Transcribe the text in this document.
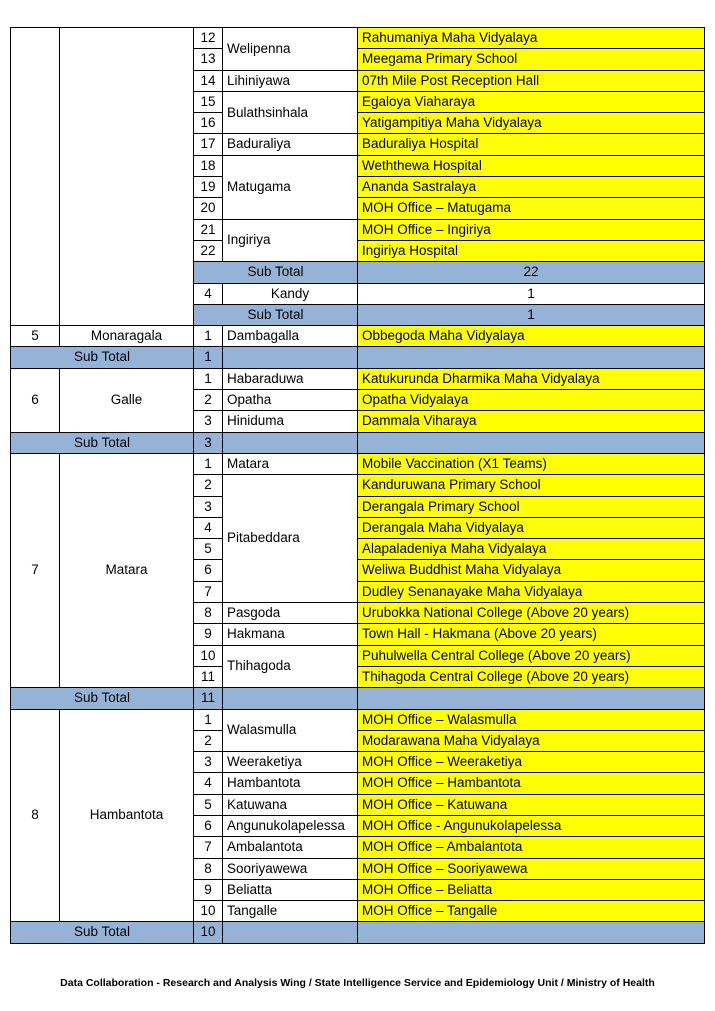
		12	Welipenna	Rahumaniya Maha Vidyalaya	
		13		Meegama Primary School	
		14	Lihiniyawa	07th Mile Post Reception Hall	
		15	Bulathsinhala	Egaloya Viaharaya	
		16		Yatigampitiya Maha Vidyalaya	
		17	Baduraliya	Baduraliya Hospital	
		18	Matugama	Weththewa Hospital	
		19		Ananda Sastralaya	
		20		MOH Office – Matugama	
		21	Ingiriya	MOH Office – Ingiriya	
		22		Ingiriya Hospital	
		Sub Total		22		
		4	Kandy	1		
		Sub Total		1		
5	Monaragala	1	Dambagalla	Obbegoda Maha Vidyalaya	
Sub Total		1			
6	Galle	1	Habaraduwa	Katukurunda Dharmika Maha Vidyalaya	
		2	Opatha	Opatha Vidyalaya	
		3	Hiniduma	Dammala Viharaya	
Sub Total		3			
7	Matara	1	Matara	Mobile Vaccination (X1 Teams)	
		2	Pitabeddara	Kanduruwana Primary School	
		3		Derangala Primary School	
		4		Derangala Maha Vidyalaya	
		5		Alapaladeniya Maha Vidyalaya	
		6		Weliwa Buddhist Maha Vidyalaya	
		7		Dudley Senanayake Maha Vidyalaya	
		8	Pasgoda	Urubokka National College (Above 20 years)	
		9	Hakmana	Town Hall - Hakmana (Above 20 years)	
		10	Thihagoda	Puhulwella Central College (Above 20 years)	
		11		Thihagoda Central College (Above 20 years)	
Sub Total		11			
8	Hambantota	1	Walasmulla	MOH Office – Walasmulla	
		2		Modarawana Maha Vidyalaya	
		3	Weeraketiya	MOH Office – Weeraketiya	
		4	Hambantota	MOH Office – Hambantota	
		5	Katuwana	MOH Office – Katuwana	
		6	Angunukolapelessa	MOH Office - Angunukolapelessa	
		7	Ambalantota	MOH Office – Ambalantota	
		8	Sooriyawewa	MOH Office – Sooriyawewa	
		9	Beliatta	MOH Office – Beliatta	
		10	Tangalle	MOH Office – Tangalle	
Sub Total		10			
Data Collaboration - Research and Analysis Wing / State Intelligence Service and Epidemiology Unit / Ministry of Health
